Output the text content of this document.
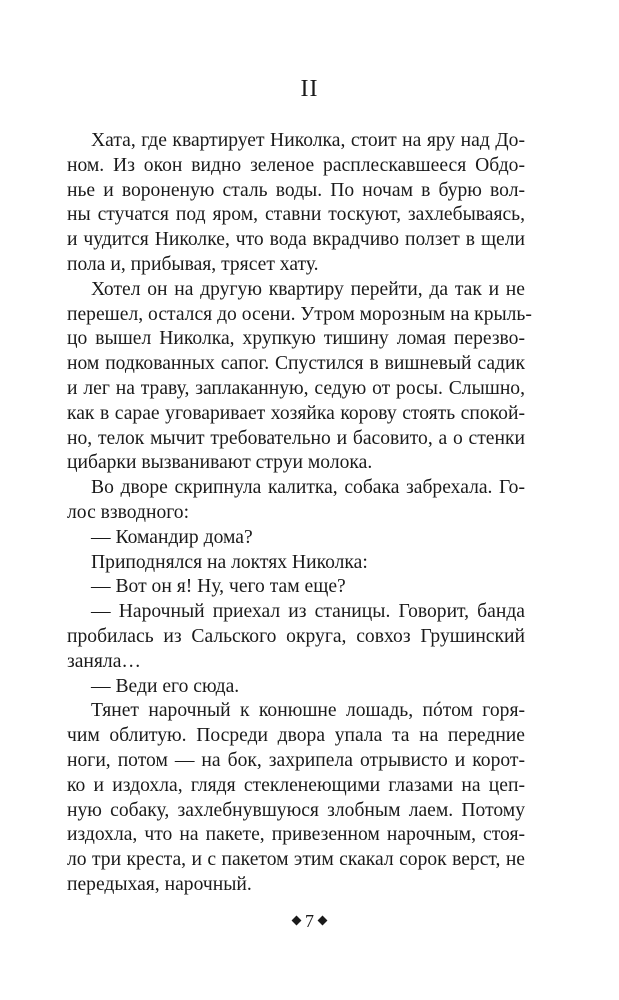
II
Хата, где квартирует Николка, стоит на яру над До-
ном. Из окон видно зеленое расплескавшееся Обдо-
нье и вороненую сталь воды. По ночам в бурю вол-
ны стучатся под яром, ставни тоскуют, захлебываясь,
и чудится Николке, что вода вкрадчиво ползет в щели
пола и, прибывая, трясет хату.
Хотел он на другую квартиру перейти, да так и не
перешел, остался до осени. Утром морозным на крыль-
цо вышел Николка, хрупкую тишину ломая перезво-
ном подкованных сапог. Спустился в вишневый садик
и лег на траву, заплаканную, седую от росы. Слышно,
как в сарае уговаривает хозяйка корову стоять спокой-
но, телок мычит требовательно и басовито, а о стенки
цибарки вызванивают струи молока.
Во дворе скрипнула калитка, собака забрехала. Го-
лос взводного:
— Командир дома?
Приподнялся на локтях Николка:
— Вот он я! Ну, чего там еще?
— Нарочный приехал из станицы. Говорит, банда
пробилась из Сальского округа, совхоз Грушинский
заняла…
— Веди его сюда.
Тянет нарочный к конюшне лошадь, пóтом горя-
чим облитую. Посреди двора упала та на передние
ноги, потом — на бок, захрипела отрывисто и корот-
ко и издохла, глядя стекленеющими глазами на цеп-
ную собаку, захлебнувшуюся злобным лаем. Потому
издохла, что на пакете, привезенном нарочным, стоя-
ло три креста, и с пакетом этим скакал сорок верст, не
передыхая, нарочный.
7
